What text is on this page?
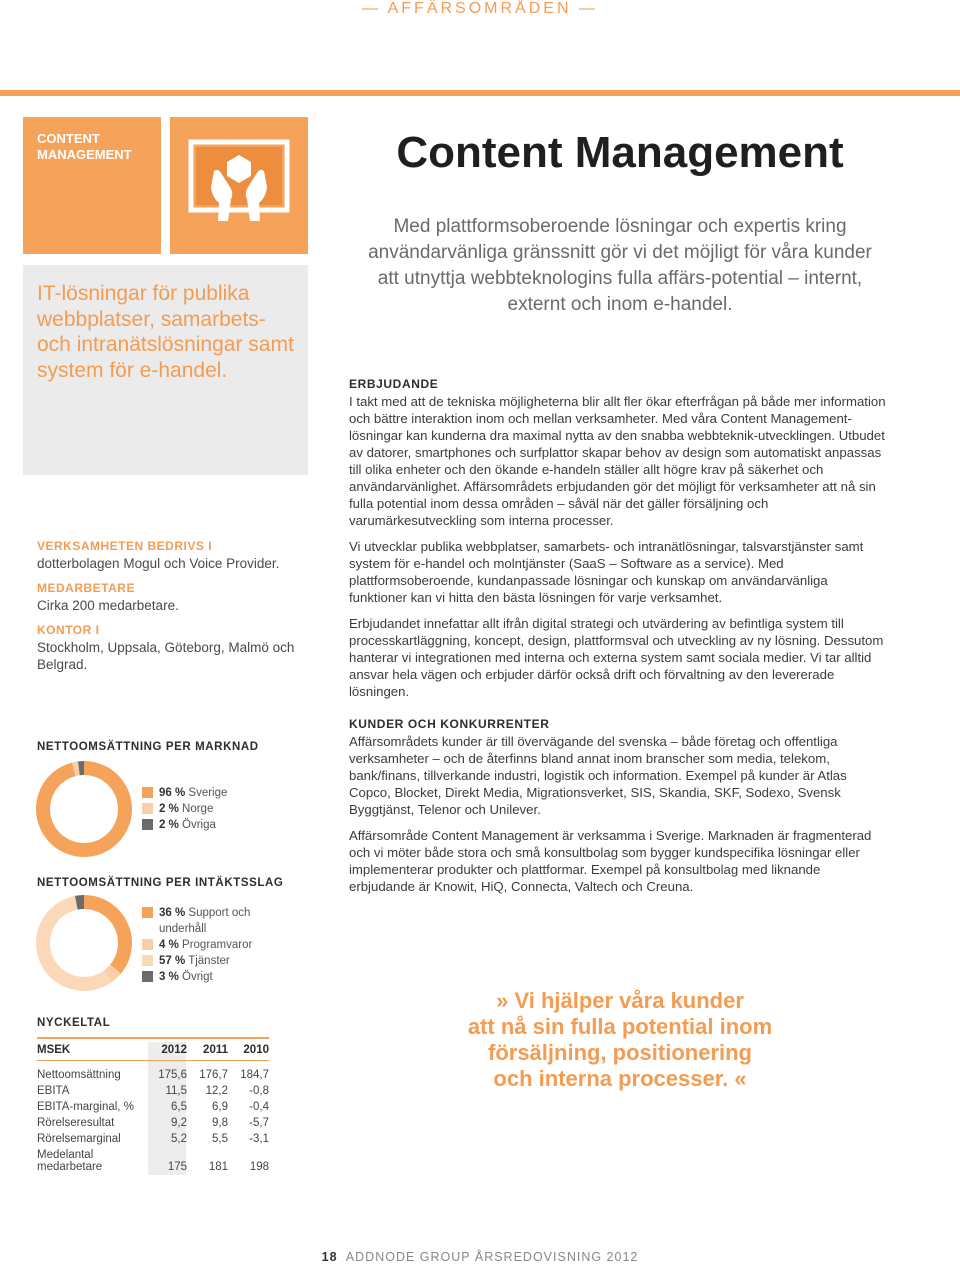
— AFFÄRSOMRÅDEN —
CONTENT
MANAGEMENT	Content Management
Med plattformsoberoende lösningar och expertis kring användarvänliga gränssnitt gör vi det möjligt för våra kunder att utnyttja webbteknologins fulla affärs-potential – internt, externt och inom e-handel.
IT-lösningar för publika webbplatser, samarbets- och intranätslösningar samt system för e-handel.

VERKSAMHETEN BEDRIVS I
dotterbolagen Mogul och Voice Provider.

MEDARBETARE
Cirka 200 medarbetare.

KONTOR I
Stockholm, Uppsala, Göteborg, Malmö och Belgrad.

NETTOOMSÄTTNING PER MARKNAD
96 % Sverige
2 % Norge
2 % Övriga
NETTOOMSÄTTNING PER INTÄKTSSLAG
36 % Support och underhåll
4 % Programvaror
57 % Tjänster
3 % Övrigt
ERBJUDANDE

I takt med att de tekniska möjligheterna blir allt fler ökar efterfrågan på både mer information och bättre interaktion inom och mellan verksamheter. Med våra Content Management-lösningar kan kunderna dra maximal nytta av den snabba webbteknik-utvecklingen. Utbudet av datorer, smartphones och surfplattor skapar behov av design som automatiskt anpassas till olika enheter och den ökande e-handeln ställer allt högre krav på säkerhet och användarvänlighet. Affärsområdets erbjudanden gör det möjligt för verksamheter att nå sin fulla potential inom dessa områden – såväl när det gäller försäljning och varumärkesutveckling som interna processer.

Vi utvecklar publika webbplatser, samarbets- och intranätlösningar, talsvarstjänster samt system för e-handel och molntjänster (SaaS – Software as a service). Med plattformsoberoende, kundanpassade lösningar och kunskap om användarvänliga funktioner kan vi hitta den bästa lösningen för varje verksamhet.

Erbjudandet innefattar allt ifrån digital strategi och utvärdering av befintliga system till processkartläggning, koncept, design, plattformsval och utveckling av ny lösning. Dessutom hanterar vi integrationen med interna och externa system samt sociala medier. Vi tar alltid ansvar hela vägen och erbjuder därför också drift och förvaltning av den levererade lösningen.

KUNDER OCH KONKURRENTER

Affärsområdets kunder är till övervägande del svenska – både företag och offentliga verksamheter – och de återfinns bland annat inom branscher som media, telekom, bank/finans, tillverkande industri, logistik och information. Exempel på kunder är Atlas Copco, Blocket, Direkt Media, Migrationsverket, SIS, Skandia, SKF, Sodexo, Svensk Byggtjänst, Telenor och Unilever.

Affärsområde Content Management är verksamma i Sverige. Marknaden är fragmenterad och vi möter både stora och små konsultbolag som bygger kundspecifika lösningar eller implementerar produkter och plattformar. Exempel på konsultbolag med liknande erbjudande är Knowit, HiQ, Connecta, Valtech och Creuna.

» Vi hjälper våra kunder
att nå sin fulla potential inom
försäljning, positionering
och interna processer. «
NYCKELTAL
MSEK	2012	2011	2010
Nettoomsättning	175,6	176,7	184,7
EBITA	11,5	12,2	-0,8
EBITA-marginal, %	6,5	6,9	-0,4
Rörelseresultat	9,2	9,8	-5,7
Rörelsemarginal	5,2	5,5	-3,1
Medelantal medarbetare	175	181	198
18 ADDNODE GROUP ÅRSREDOVISNING 2012
